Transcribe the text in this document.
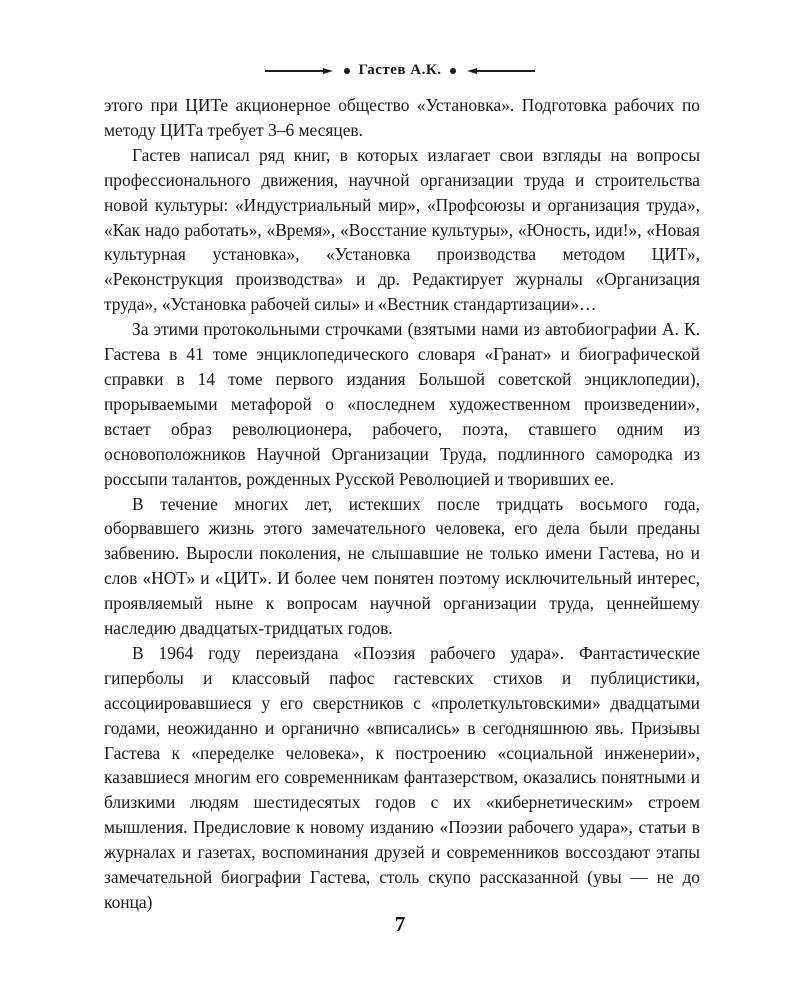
Гастев А.К.

этого при ЦИТе акционерное общество «Установка». Подготовка рабочих по методу ЦИТа требует 3–6 месяцев.

Гастев написал ряд книг, в которых излагает свои взгляды на вопросы профессионального движения, научной организации труда и строительства новой культуры: «Индустриальный мир», «Профсоюзы и организация труда», «Как надо работать», «Время», «Восстание культуры», «Юность, иди!», «Новая культурная установка», «Установка производства методом ЦИТ», «Реконструкция производства» и др. Редактирует журналы «Организация труда», «Установка рабочей силы» и «Вестник стандартизации»…

За этими протокольными строчками (взятыми нами из автобиографии А. К. Гастева в 41 томе энциклопедического словаря «Гранат» и биографической справки в 14 томе первого издания Большой советской энциклопедии), прорываемыми метафорой о «последнем художественном произведении», встает образ революционера, рабочего, поэта, ставшего одним из основоположников Научной Организации Труда, подлинного самородка из россыпи талантов, рожденных Русской Революцией и творивших ее.

В течение многих лет, истекших после тридцать восьмого года, оборвавшего жизнь этого замечательного человека, его дела были преданы забвению. Выросли поколения, не слышавшие не только имени Гастева, но и слов «НОТ» и «ЦИТ». И более чем понятен поэтому исключительный интерес, проявляемый ныне к вопросам научной организации труда, ценнейшему наследию двадцатых-тридцатых годов.

В 1964 году переиздана «Поэзия рабочего удара». Фантастические гиперболы и классовый пафос гастевских стихов и публицистики, ассоциировавшиеся у его сверстников с «пролеткультовскими» двадцатыми годами, неожиданно и органично «вписались» в сегодняшнюю явь. Призывы Гастева к «переделке человека», к построению «социальной инженерии», казавшиеся многим его современникам фантазерством, оказались понятными и близкими людям шестидесятых годов с их «кибернетическим» строем мышления. Предисловие к новому изданию «Поэзии рабочего удара», статьи в журналах и газетах, воспоминания друзей и современников воссоздают этапы замечательной биографии Гастева, столь скупо рассказанной (увы — не до конца)

7
